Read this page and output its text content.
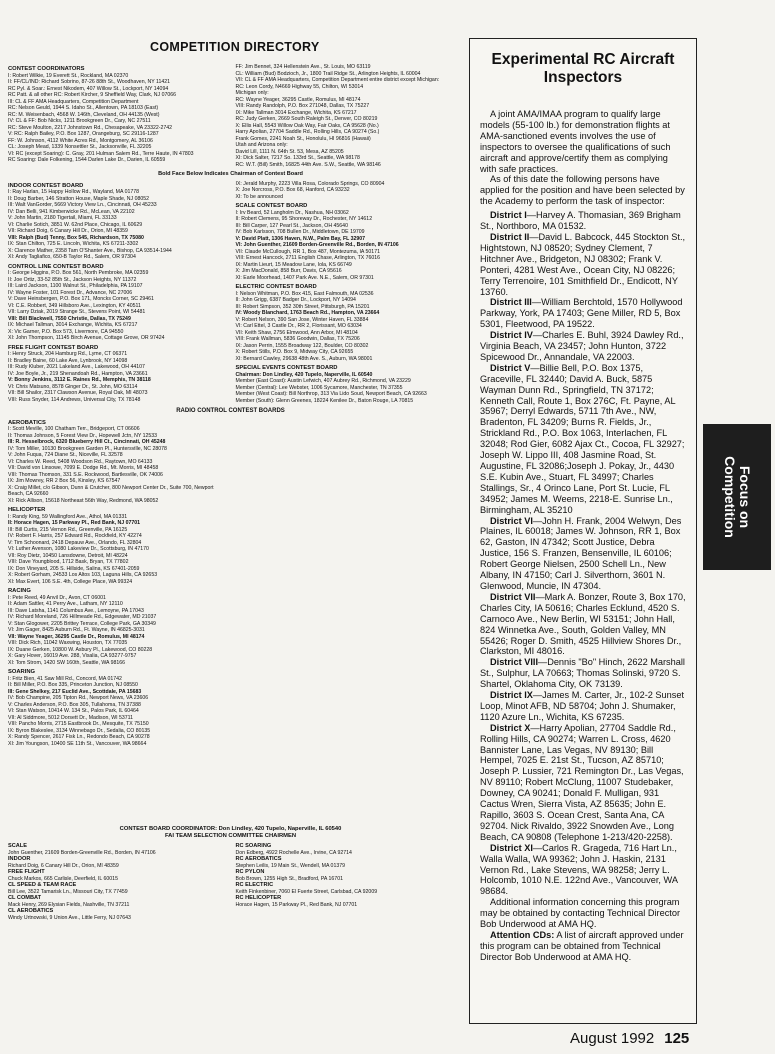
COMPETITION DIRECTORY
CONTEST COORDINATORS
I: Robert Wilkie, 19 Everett St., Rockland, MA 02370
II: FF/CL/IND: Richard Sobrino, 87-26 88th St., Woodhaven, NY 11421
RC Pyl. & Soar.: Ernest Nikodem, 407 Willow St., Lockport, NY 14094
RC Patt. & all other RC: Robert Kircher, 9 Sheffield Way, Clark, NJ 07066
III: CL & FF AMA Headquarters, Competition Department
RC: Nelson Geuld, 1944 S. Idaho St., Allentown, PA 18103 (East)
RC: M. Weisenbach, 4568 W. 146th, Cleveland, OH 44135 (West)
IV: CL & FF: Bob Nicks, 1211 Brookgreen Dr., Cary, NC 27511
RC: Steve Moulton, 2217 Johnstown Rd., Chesapeake, VA 23322-2742
V: RC: Ralph Bailey, P.O. Box 1287, Orangeburg, SC 29116-1287
FF: W. Johnson, 4112 White Acres Rd., Montgomery, AL 36106
CL: Joseph Mead, 1339 Nonsettler St., Jacksonville, FL 32205
VI: RC (except Soaring): C. Gray, 201 Hulman Salem Rd., Terre Haute, IN 47803
RC Soaring: Dale Folkening, 1544 Darlen Lake Dr., Darien, IL 60559
FF: Jim Bennet, 324 Hellenstein Ave., St. Louis, MO 63119
CL: William (Bud) Bodzioch, Jr., 1800 Trail Ridge St., Arlington Heights, IL 60004
VII: CL & FF AMA Headquarters, Competition Department entire district except Michigan:
RC: Leon Cordy, N4669 Highway 55, Chilton, WI 53014
Michigan only:
RC: Wayne Yeager, 36295 Castle, Romulus, MI 48174
VIII: Randy Randolph, P.O. Box 271048, Dallas, TX 75227
IX: Mike Tallman 3014 Exchange, Wichita, KS 67217
RC: Judy Gerken, 2669 South Raleigh St., Denver, CO 80219
X: Ellis Hall, 5543 Willow Oak Way, Fair Oaks, CA 95628 (No.)
Harry Apolian, 27704 Saddle Rd., Rolling Hills, CA 90274 (So.)
Frank Gomes, 2241 Noah St., Honolulu, HI 96816 (Hawaii)
Utah and Arizona only:
David Lill, 1111 N. 64th St. 53, Mesa, AZ 85205
XI: Dick Salter, 7217 So. 133rd St., Seattle, WA 98178
RC: W.T. (Bill) Smith, 16825 44th Ave. S.W., Seattle, WA 98146
Bold Face Below Indicates Chairman of Contest Board
INDOOR CONTEST BOARD
I: Ray Harlan, 15 Happy Hollow Rd., Wayland, MA 01778
II: Doug Barber, 146 Stratton House, Maple Shade, NJ 08052
III: Walt VanGorder, 5669 Victory View Ln., Cincinnati, OH 45233
IV: Dan Belli, 941 Kimberwicke Rd., McLean, VA 22102
V: John Martin, 2180 Tigertail, Miami, FL 33133
VI: Charlie Sotich, 3851 W. 62nd Place, Chicago, IL 60629
VII: Richard Doig, 6 Canary Hill Dr., Orion, MI 48359
VIII: Ralph (Bud) Tenny, Box 545, Richardson, TX 75080
IX: Stan Chilton, 725 E. Lincoln, Wichita, KS 67211-3302
X: Clarence Mather, 2358 Tam O'Shanter Ave., Bishop, CA 93514-1944
XI: Andy Tagliafico, 650-B Taylor Rd., Salem, OR 97304
CONTROL LINE CONTEST BOARD
I: George Higgins, P.O. Box 561, North Pembroke, MA 02359
II: Joe Ortiz, 33-52 85th St., Jackson Heights, NY 11372
III: Laird Jackson, 1100 Walnut St., Philadelphia, PA 19107
IV: Wayne Foster, 101 Forest Dr., Advance, NC 27006
V: Dave Heinsbergen, P.O. Box 171, Moncks Corner, SC 29461
VI: C.E. Robbert, 349 Hillsboro Ave., Lexington, KY 40511
VII: Larry Dziak, 2019 Strange St., Stevens Point, WI 54481
VIII: Bill Blackwell, 7550 Christie, Dallas, TX 75249
IX: Michael Tallman, 3014 Exchange, Wichita, KS 67217
X: Vic Garner, P.O. Box 573, Livermore, CA 94550
XI: John Thompson, 11145 Birch Avenue, Cottage Grove, OR 97424
FREE FLIGHT CONTEST BOARD
I: Henry Struck, 204 Hamburg Rd., Lyme, CT 06371
II: Bradley Baine, 60 Lake Ave, Lynbrook, NY 14098
III: Rudy Kluber, 2021 Lakeland Ave., Lakewood, OH 44107
IV: Joe Boyle, Jr., 219 Shenandoah Rd., Hampton, VA 23661
V: Bonny Jenkins, 3112 E. Raines Rd., Memphis, TN 38118
VI: Chris Matsuno, 8578 Ginger Dr., St. John, MO 63114
VII: Bill Shailor, 2317 Clawson Avenue, Royal Oak, MI 48073
VIII: Russ Snyder, 114 Andrews, Universal City, TX 78148
IX: Jerald Murphy, 2223 Villa Rosa, Colorado Springs, CO 80904
X: Joe Norcross, P.O. Box 68, Hanford, CA 93232
XI: To be announced
SCALE CONTEST BOARD
I: Irv Beard, 52 Langholm Dr., Nashua, NH 03062
II: Robert Clemens, 95 Shoreway Dr., Rochester, NY 14612
III: Bill Carper, 127 Pearl St., Jackson, OH 45640
IV: Bob Karlsson, 708 Bullen Dr., Middletown, DE 19709
V: David Platt, 1306 Haven, N.W., Palm Bay, FL 32907
VI: John Guenther, 21609 Borden-Greenville Rd., Borden, IN 47106
VII: Claude McCullough, RR 1, Box 487, Montezuma, IA 50171
VIII: Ernest Hancock, 2711 English Chase, Arlington, TX 76016
IX: Martin Lieurt, 15 Meadow Lane, Iola, KS 66749
X: Jim MacDonald, 858 Burr, Davis, CA 95616
XI: Earle Moorhead, 1407 Park Ave. N.E., Salem, OR 97301
ELECTRIC CONTEST BOARD
I: Nelson Whitman, P.O. Box 415, East Falmouth, MA 02536
II: John Grigg, 6387 Badger Dr., Lockport, NY 14094
III: Robert Simpson, 352 30th Street, Pittsburgh, PA 15201
IV: Woody Blanchard, 1763 Beach Rd., Hampton, VA 23664
V: Robert Nelson, 390 San Jose, Winter Haven, FL 33884
VI: Carl Ettel, 3 Castle Dr., RR 2, Florissant, MO 63034
VII: Keith Shaw, 2756 Elmwood, Ann Arbor, MI 48104
VIII: Frank Wallman, 5836 Goodwin, Dallas, TX 75206
IX: Jason Perrin, 1555 Broadway 122, Boulder, CO 80302
X: Robert Stills, P.O. Box 9, Midway City, CA 92655
XI: Bernard Cawley, 29638 48th Ave. S., Auburn, WA 98001
SPECIAL EVENTS CONTEST BOARD
Chairman: Don Lindley, 420 Tupelo, Naperville, IL 60540
Member (East Coast): Austin Lefwich, 407 Aubrey Rd., Richmond, VA 23229
Member (Central): Lee Webster, 1006 Sycamore, Manchester, TN 37355
Member (West Coast): Bill Northrop, 313 Via Lido Soud, Newport Beach, CA 92663
Member (South): Glenn Greenes, 18224 Kenilee Dr., Baton Rouge, LA 70815
RADIO CONTROL CONTEST BOARDS
AEROBATICS
I: Scott Meville, 100 Chatham Terr., Bridgeport, CT 06606
II: Thomas Johnson, 5 Forest View Dr., Hopewell Jctn, NY 12533
III: R. Hesselbrock, 6320 Blueberry Hill Ct., Cincinnati, OH 45248
IV: Tom Miller, 10130 Brookgreen Garden Pl., Huntersville, NC 28078
V: John Fuqua, 724 Diane St., Niceville, FL 32578
VI: Charles W. Reed, 5408 Woodson Rd., Raytown, MO 64133
VII: David von Linsowe, 7099 E. Dodge Rd., Mt. Morris, MI 48458
VIII: Thomas Thomson, 331 S.E. Rockwood, Bartlesville, OK 74006
IX: Jim Mowrey, RR 2 Box 56, Kinsley, KS 67547
X: Craig Millet, c/o Gibson, Dunn & Crutcher, 800 Newport Center Dr., Suite 700, Newport Beach, CA 92660
XI: Rick Allison, 15618 Northeast 56th Way, Redmond, WA 98052
HELICOPTER
I: Randy King, 59 Wallingford Ave., Athol, MA 01331
II: Horace Hagen, 15 Parkway Pl., Red Bank, NJ 07701
III: Bill Curtis, 215 Vernon Rd., Greenville, PA 16125
IV: Robert F. Harris, 257 Edward Rd., Rockfield, KY 42274
V: Tim Schoonard, 2418 Depauw Ave., Orlando, FL 32804
VI: Luther Avenson, 1080 Lakeview Dr., Scottsburg, IN 47170
VII: Roy Dietz, 10450 Lansdowne, Detroit, MI 48224
VIII: Dave Youngblood, 1712 Bask, Bryan, TX 77802
IX: Don Vineyard, 205 S. Hillside, Salina, KS 67401-2059
X: Robert Gorham, 24533 Los Altos 103, Laguna Hills, CA 92653
XI: Max Evert, 106 S.E. 4th, College Place, WA 99324
RACING
I: Pete Reed, 49 Anvil Dr., Avon, CT 06001
II: Adam Sattler, 41 Perry Ave., Latham, NY 12110
III: Dave Latsha, 1141 Columbus Ave., Lemoyne, PA 17043
IV: Richard Moreland, 726 Hillmeade Rd., Edgewater, MD 21037
V: Stan Glogower, 2205 Brittey Terrace, College Park, GA 30349
VI: Jim Gager, 8425 Auburn Rd., Ft. Wayne, IN 46825-3031
VII: Wayne Yeager, 36295 Castle Dr., Romulus, MI 48174
VIII: Dick Rich, 11042 Waxwing, Houston, TX 77035
IX: Duane Gerken, 10800 W. Asbury Pl., Lakewood, CO 80228
X: Gary Hover, 16019 Ave. 288, Visalia, CA 93277-9757
XI: Tom Strom, 1420 SW 160th, Seattle, WA 98166
SOARING
I: Fritz Bien, 41 Saw Mill Rd., Concord, MA 01742
II: Bill Miller, P.O. Box 335, Princeton Junction, NJ 08550
III: Gene Shelkey, 217 Euclid Ave., Scottdale, PA 15683
IV: Bob Champine, 205 Tipton Rd., Newport News, VA 23606
V: Charles Anderson, P.O. Box 305, Tullahoma, TN 37388
VI: Stan Watson, 10414 W. 134 St., Palos Park, IL 60464
VII: Al Siddmore, 5012 Dorsett Dr., Madison, WI 53711
VIII: Pancho Morris, 2715 Eastbrook Dr., Mesquite, TX 75150
IX: Byron Blakeslee, 3134 Winnebago Dr., Sedalia, CO 80135
X: Randy Spencer, 2617 Fisk Ln., Redondo Beach, CA 90278
XI: Jim Youngson, 10400 SE 11th St., Vancouver, WA 98664
CONTEST BOARD COORDINATOR: Don Lindley, 420 Tupelo, Naperville, IL 60540
FAI TEAM SELECTION COMMITTEE CHAIRMEN
SCALE
John Guenther, 21609 Borden-Greenville Rd., Borden, IN 47106
INDOOR
Richard Doig, 6 Canary Hill Dr., Orion, MI 48359
FREE FLIGHT
Chuck Markos, 665 Carlisle, Deerfield, IL 60015
CL SPEED & TEAM RACE
Bill Lee, 3522 Tamarisk Ln., Missouri City, TX 77459
CL COMBAT
Mack Henry, 269 Elysian Fields, Nashville, TN 37211
CL AEROBATICS
Windy Urtnowski, 9 Union Ave., Little Ferry, NJ 07643
RC SOARING
Don Edberg, 4922 Rochelle Ave., Irvine, CA 92714
RC AEROBATICS
Stephen Leilis, 19 Main St., Wendell, MA 01379
RC PYLON
Bob Brown, 1255 High St., Bradford, PA 16701
RC ELECTRIC
Keith Finkenbiner, 7060 El Fuerte Street, Carlsbad, CA 92009
RC HELICOPTER
Horace Hagen, 15 Parkway Pl., Red Bank, NJ 07701
Experimental RC Aircraft Inspectors

A joint AMA/IMAA program to qualify large models (55-100 lb.) for demonstration flights at AMA-sanctioned events involves the use of inspectors to oversee the qualifications of such aircraft and approve/certify them as complying with safe practices.

As of this date the following persons have applied for the position and have been selected by the Academy to perform the task of inspector:

District I—Harvey A. Thomasian, 369 Brigham St., Northboro, MA 01532.

District II—David L. Babcock, 445 Stockton St., Hightstown, NJ 08520; Sydney Clement, 7 Hitchner Ave., Bridgeton, NJ 08302; Frank V. Ponteri, 4281 West Ave., Ocean City, NJ 08226; Terry Terrenoire, 101 Smithfield Dr., Endicott, NY 13760.

District III—William Berchtold, 1570 Hollywood Parkway, York, PA 17403; Gene Miller, RD 5, Box 5301, Fleetwood, PA 19522.

District IV—Charles E. Buhl, 3924 Dawley Rd., Virginia Beach, VA 23457; John Hunton, 3722 Spicewood Dr., Annandale, VA 22003.

District V—Billie Bell, P.O. Box 1375, Graceville, FL 32440; David A. Buck, 5875 Wayman Dunn Rd., Springfield, TN 37172; Kenneth Call, Route 1, Box 276C, Ft. Payne, AL 35967; Derryl Edwards, 5711 7th Ave., NW, Bradenton, FL 34209; Burns R. Fields, Jr., Strickland Rd., P.O. Box 1063, Interlachen, FL 32048; Rod Gier, 6082 Ajax Ct., Cocoa, FL 32927; Joseph W. Lippo III, 408 Jasmine Road, St. Augustine, FL 32086;Joseph J. Pokay, Jr., 4430 S.E. Kubin Ave., Stuart, FL 34997; Charles Stallings, Sr., 4 Orinco Lane, Port St. Lucie, FL 34952; James M. Weems, 2218-E. Sunrise Ln., Birmingham, AL 35210

District VI—John H. Frank, 2004 Welwyn, Des Plaines, IL 60018; James W. Johnson, RR 1, Box 62, Gaston, IN 47342; Scott Justice, Debra Justice, 156 S. Franzen, Bensenville, IL 60106; Robert George Nielsen, 2500 Schell Ln., New Albany, IN 47150; Carl J. Silverthorn, 3601 N. Glenwood, Muncie, IN 47304.

District VII—Mark A. Bonzer, Route 3, Box 170, Charles City, IA 50616; Charles Ecklund, 4520 S. Carnoco Ave., New Berlin, WI 53151; John Hall, 824 Winnetka Ave., South, Golden Valley, MN 55426; Roger D. Smith, 4525 Hillview Shores Dr., Clarkston, MI 48016.

District VIII—Dennis "Bo" Hinch, 2622 Marshall St., Sulphur, LA 70663; Thomas Solinski, 9720 S. Shartel, Oklahoma City, OK 73139.

District IX—James M. Carter, Jr., 102-2 Sunset Loop, Minot AFB, ND 58704; John J. Shumaker, 1120 Azure Ln., Wichita, KS 67235.

District X—Harry Apolian, 27704 Saddle Rd., Rolling Hills, CA 90274; Warren L. Cross, 4620 Bannister Lane, Las Vegas, NV 89130; Bill Hempel, 7025 E. 21st St., Tucson, AZ 85710; Joseph P. Lussier, 721 Remington Dr., Las Vegas, NV 89110; Robert McClung, 11007 Studebaker, Downey, CA 90241; Donald F. Mulligan, 931 Cactus Wren, Sierra Vista, AZ 85635; John E. Rapillo, 3603 S. Ocean Crest, Santa Ana, CA 92704. Nick Rivaldo, 3922 Snowden Ave., Long Beach, CA 90808 (Telephone 1-213/420-2258).

District XI—Carlos R. Grageda, 716 Hart Ln., Walla Walla, WA 99362; John J. Haskin, 2131 Vernon Rd., Lake Stevens, WA 98258; Jerry L. Holcomb, 1010 N.E. 122nd Ave., Vancouver, WA 98684.

Additional information concerning this program may be obtained by contacting Technical Director Bob Underwood at AMA HQ.

Attention CDs: A list of aircraft approved under this program can be obtained from Technical Director Bob Underwood at AMA HQ.

Focus on Competition
August 1992 125
